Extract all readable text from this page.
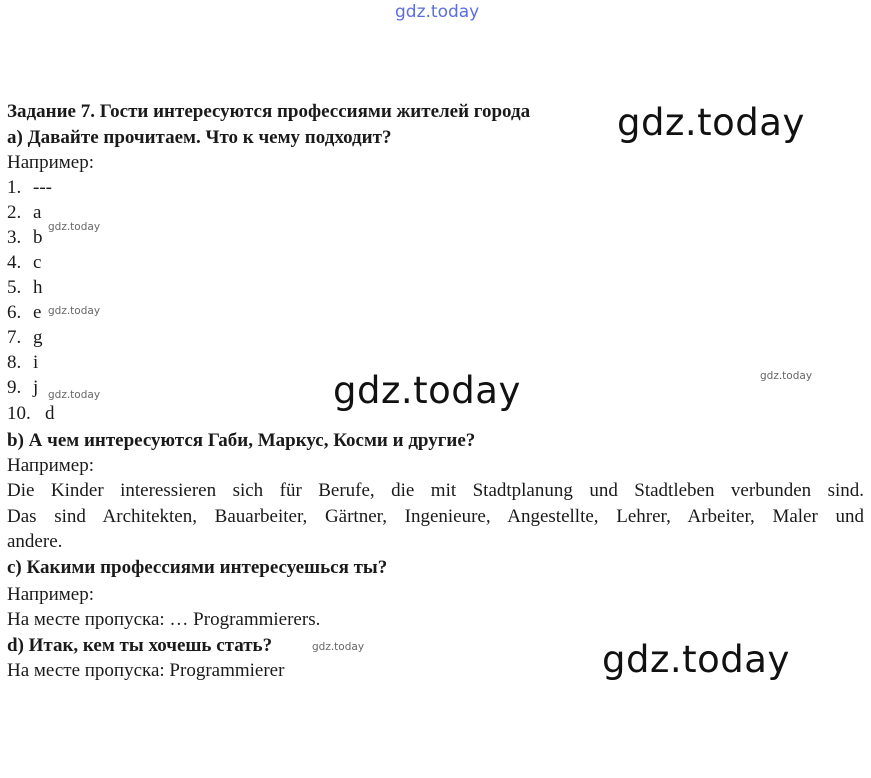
gdz.today
gdz.today
gdz.today
gdz.today
gdz.today
gdz.today
gdz.today
gdz.today
gdz.today
Задание 7. Гости интересуются профессиями жителей города
а) Давайте прочитаем. Что к чему подходит?
Например:
1. ---
2. a
3. b
4. c
5. h
6. e
7. g
8. i
9. j
10. d
b) А чем интересуются Габи, Маркус, Косми и другие?
Например:
Die Kinder interessieren sich für Berufe, die mit Stadtplanung und Stadtleben verbunden sind.
Das sind Architekten, Bauarbeiter, Gärtner, Ingenieure, Angestellte, Lehrer, Arbeiter, Maler und
andere.
с) Какими профессиями интересуешься ты?
Например:
На месте пропуска: … Programmierers.
d) Итак, кем ты хочешь стать?
На месте пропуска: Programmierer
